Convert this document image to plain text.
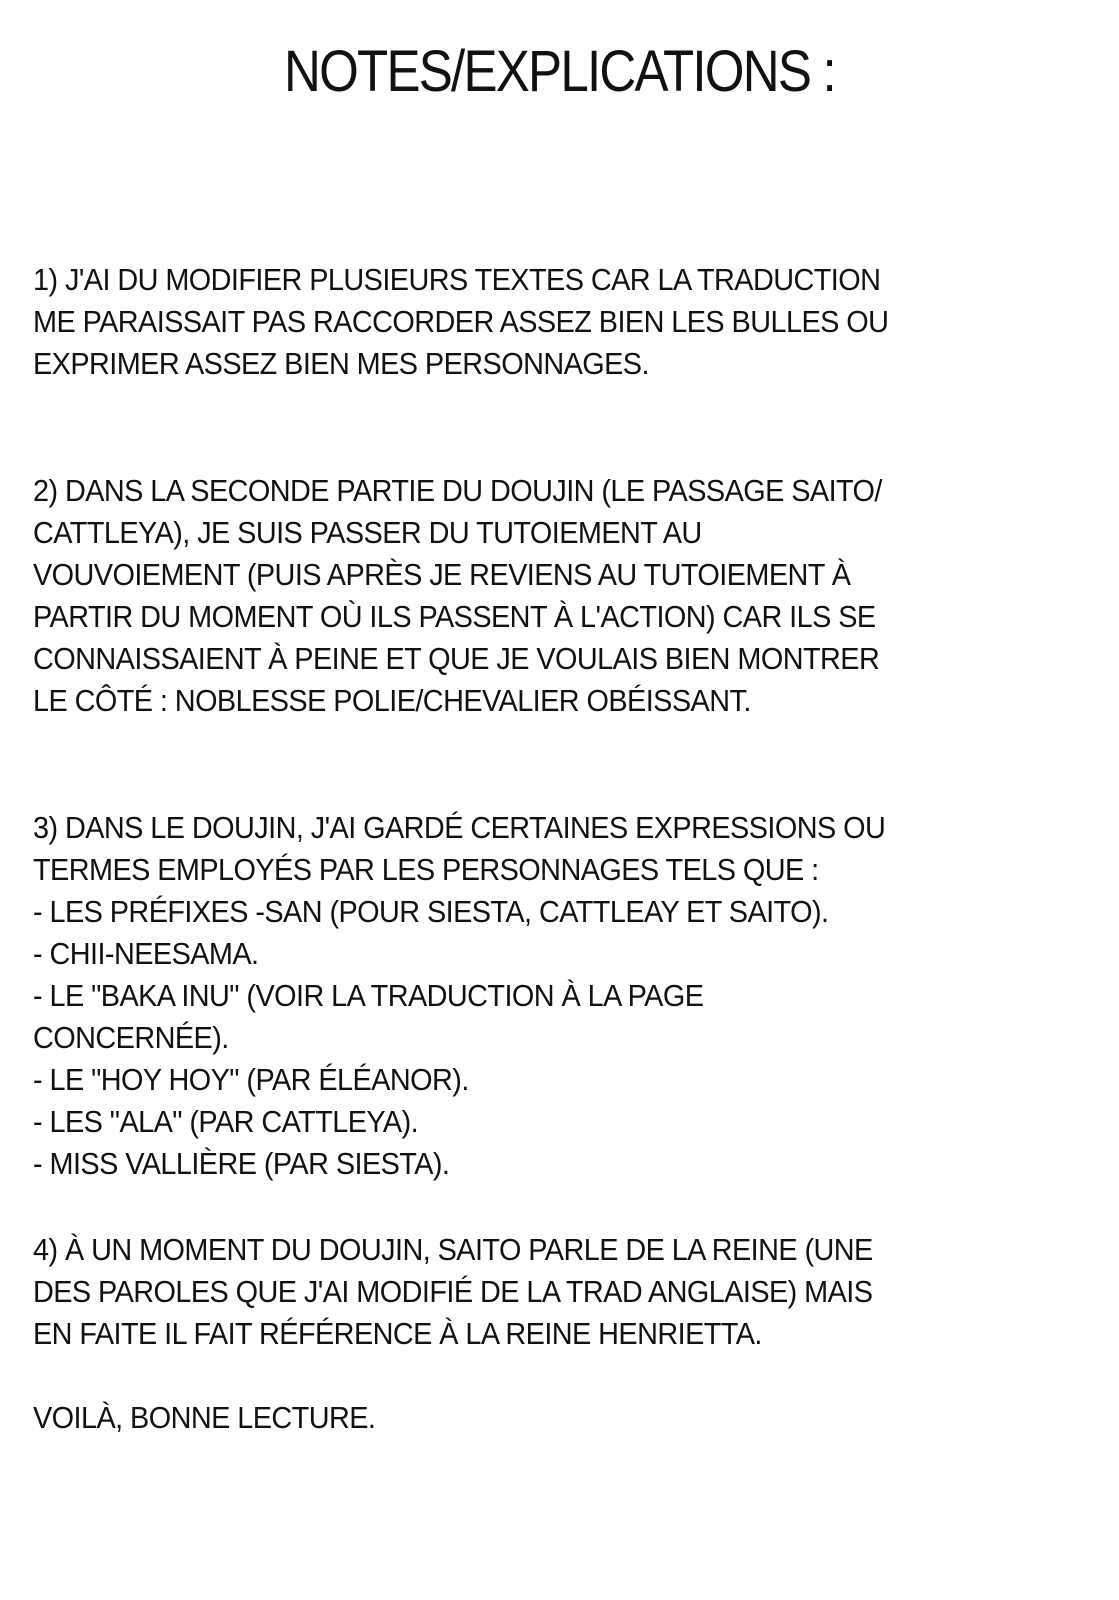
NOTES/EXPLICATIONS :
1) J'AI DU MODIFIER PLUSIEURS TEXTES CAR LA TRADUCTION
ME PARAISSAIT PAS RACCORDER ASSEZ BIEN LES BULLES OU
EXPRIMER ASSEZ BIEN MES PERSONNAGES.
2) DANS LA SECONDE PARTIE DU DOUJIN (LE PASSAGE SAITO/
CATTLEYA), JE SUIS PASSER DU TUTOIEMENT AU
VOUVOIEMENT (PUIS APRÈS JE REVIENS AU TUTOIEMENT À
PARTIR DU MOMENT OÙ ILS PASSENT À L'ACTION) CAR ILS SE
CONNAISSAIENT À PEINE ET QUE JE VOULAIS BIEN MONTRER
LE CÔTÉ : NOBLESSE POLIE/CHEVALIER OBÉISSANT.
3) DANS LE DOUJIN, J'AI GARDÉ CERTAINES EXPRESSIONS OU
TERMES EMPLOYÉS PAR LES PERSONNAGES TELS QUE :
- LES PRÉFIXES -SAN (POUR SIESTA, CATTLEAY ET SAITO).
- CHII-NEESAMA.
- LE "BAKA INU" (VOIR LA TRADUCTION À LA PAGE
CONCERNÉE).
- LE "HOY HOY" (PAR ÉLÉANOR).
- LES "ALA" (PAR CATTLEYA).
- MISS VALLIÈRE (PAR SIESTA).
4) À UN MOMENT DU DOUJIN, SAITO PARLE DE LA REINE (UNE
DES PAROLES QUE J'AI MODIFIÉ DE LA TRAD ANGLAISE) MAIS
EN FAITE IL FAIT RÉFÉRENCE À LA REINE HENRIETTA.
VOILÀ, BONNE LECTURE.
